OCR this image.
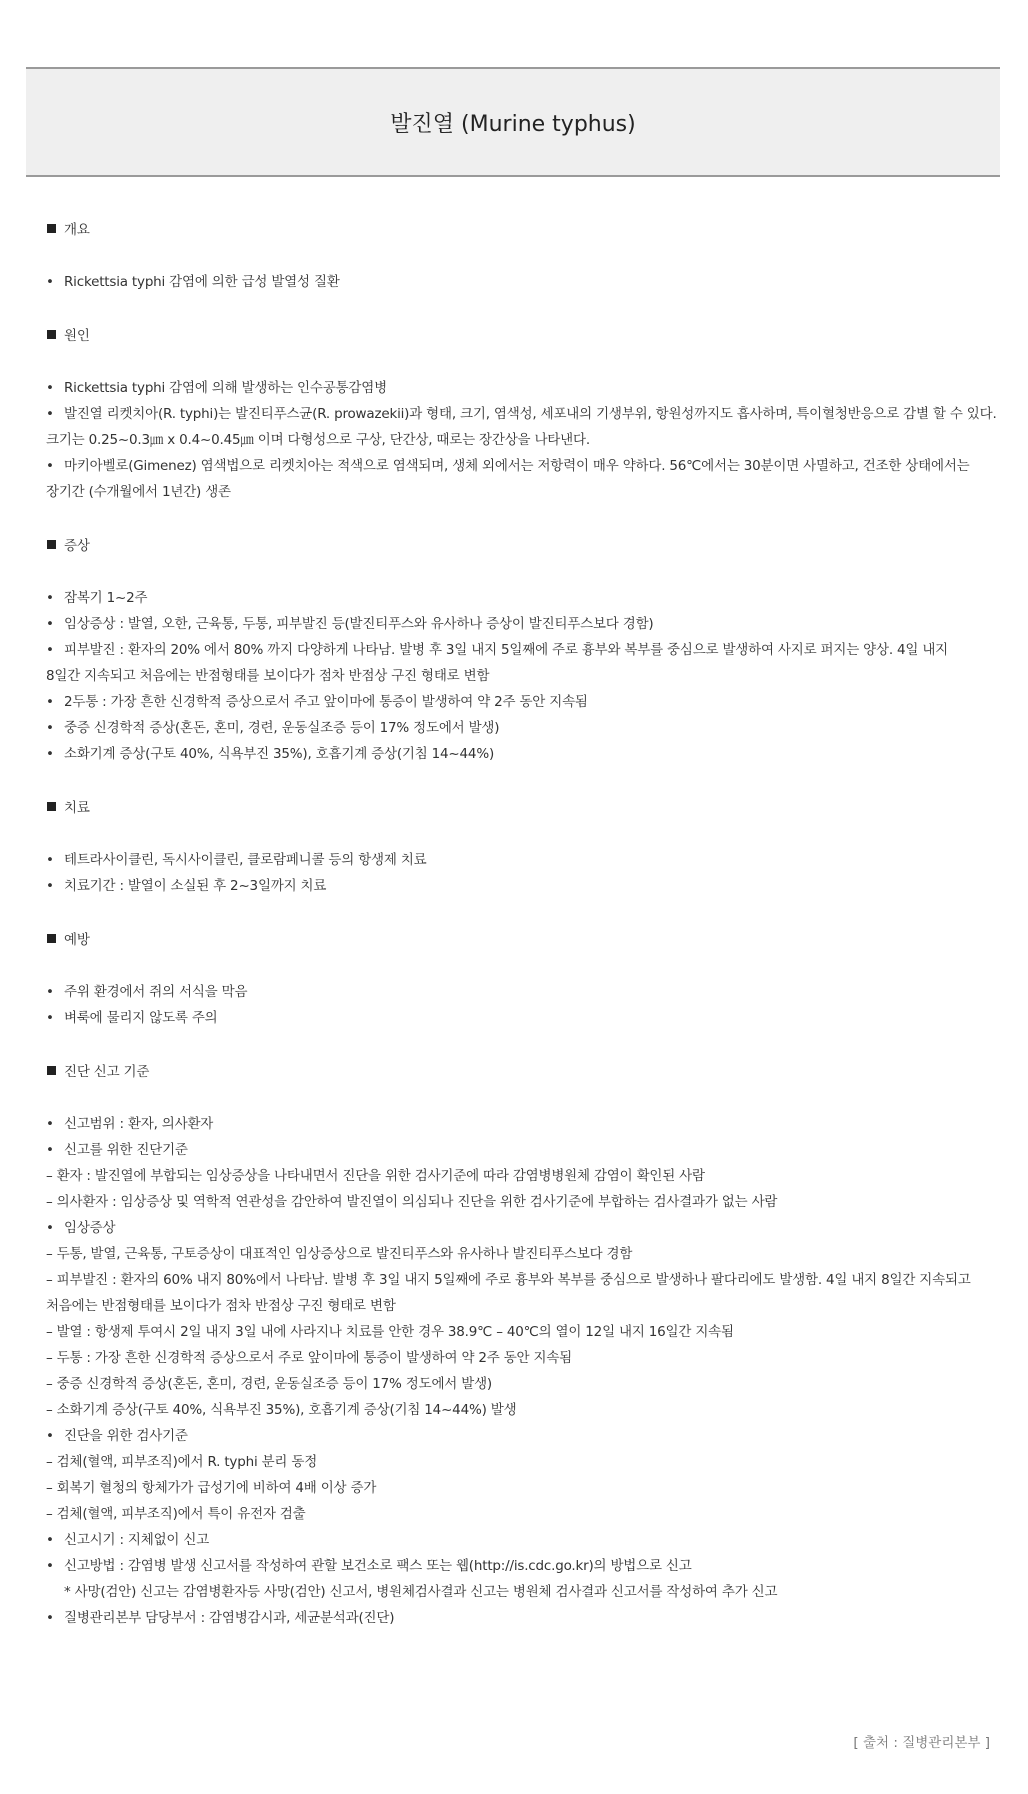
발진열 (Murine typhus)
개요
• Rickettsia typhi 감염에 의한 급성 발열성 질환
원인
• Rickettsia typhi 감염에 의해 발생하는 인수공통감염병
• 발진열 리켓치아(R. typhi)는 발진티푸스균(R. prowazekii)과 형태, 크기, 염색성, 세포내의 기생부위, 항원성까지도 흡사하며, 특이혈청반응으로 감별 할 수 있다.
크기는 0.25~0.3㎛ x 0.4~0.45㎛ 이며 다형성으로 구상, 단간상, 때로는 장간상을 나타낸다.
• 마키아벨로(Gimenez) 염색법으로 리켓치아는 적색으로 염색되며, 생체 외에서는 저항력이 매우 약하다. 56℃에서는 30분이면 사멸하고, 건조한 상태에서는
장기간 (수개월에서 1년간) 생존
증상
• 잠복기 1~2주
• 임상증상 : 발열, 오한, 근육통, 두통, 피부발진 등(발진티푸스와 유사하나 증상이 발진티푸스보다 경함)
• 피부발진 : 환자의 20% 에서 80% 까지 다양하게 나타남. 발병 후 3일 내지 5일째에 주로 흉부와 복부를 중심으로 발생하여 사지로 퍼지는 양상. 4일 내지
8일간 지속되고 처음에는 반점형태를 보이다가 점차 반점상 구진 형태로 변함
• 2두통 : 가장 흔한 신경학적 증상으로서 주고 앞이마에 통증이 발생하여 약 2주 동안 지속됨
• 중증 신경학적 증상(혼돈, 혼미, 경련, 운동실조증 등이 17% 정도에서 발생)
• 소화기계 증상(구토 40%, 식욕부진 35%), 호흡기계 증상(기침 14~44%)
치료
• 테트라사이클린, 독시사이클린, 클로람페니콜 등의 항생제 치료
• 치료기간 : 발열이 소실된 후 2~3일까지 치료
예방
• 주위 환경에서 쥐의 서식을 막음
• 벼룩에 물리지 않도록 주의
진단 신고 기준
• 신고범위 : 환자, 의사환자
• 신고를 위한 진단기준
– 환자 : 발진열에 부합되는 임상증상을 나타내면서 진단을 위한 검사기준에 따라 감염병병원체 감염이 확인된 사람
– 의사환자 : 임상증상 및 역학적 연관성을 감안하여 발진열이 의심되나 진단을 위한 검사기준에 부합하는 검사결과가 없는 사람
• 임상증상
– 두통, 발열, 근육통, 구토증상이 대표적인 임상증상으로 발진티푸스와 유사하나 발진티푸스보다 경함
– 피부발진 : 환자의 60% 내지 80%에서 나타남. 발병 후 3일 내지 5일째에 주로 흉부와 복부를 중심으로 발생하나 팔다리에도 발생함. 4일 내지 8일간 지속되고
처음에는 반점형태를 보이다가 점차 반점상 구진 형태로 변함
– 발열 : 항생제 투여시 2일 내지 3일 내에 사라지나 치료를 안한 경우 38.9℃ – 40℃의 열이 12일 내지 16일간 지속됨
– 두통 : 가장 흔한 신경학적 증상으로서 주로 앞이마에 통증이 발생하여 약 2주 동안 지속됨
– 중증 신경학적 증상(혼돈, 혼미, 경련, 운동실조증 등이 17% 정도에서 발생)
– 소화기계 증상(구토 40%, 식욕부진 35%), 호흡기계 증상(기침 14~44%) 발생
• 진단을 위한 검사기준
– 검체(혈액, 피부조직)에서 R. typhi 분리 동정
– 회복기 혈청의 항체가가 급성기에 비하여 4배 이상 증가
– 검체(혈액, 피부조직)에서 특이 유전자 검출
• 신고시기 : 지체없이 신고
• 신고방법 : 감염병 발생 신고서를 작성하여 관할 보건소로 팩스 또는 웹(http://is.cdc.go.kr)의 방법으로 신고
* 사망(검안) 신고는 감염병환자등 사망(검안) 신고서, 병원체검사결과 신고는 병원체 검사결과 신고서를 작성하여 추가 신고
• 질병관리본부 담당부서 : 감염병감시과, 세균분석과(진단)
[ 출처 : 질병관리본부 ]
